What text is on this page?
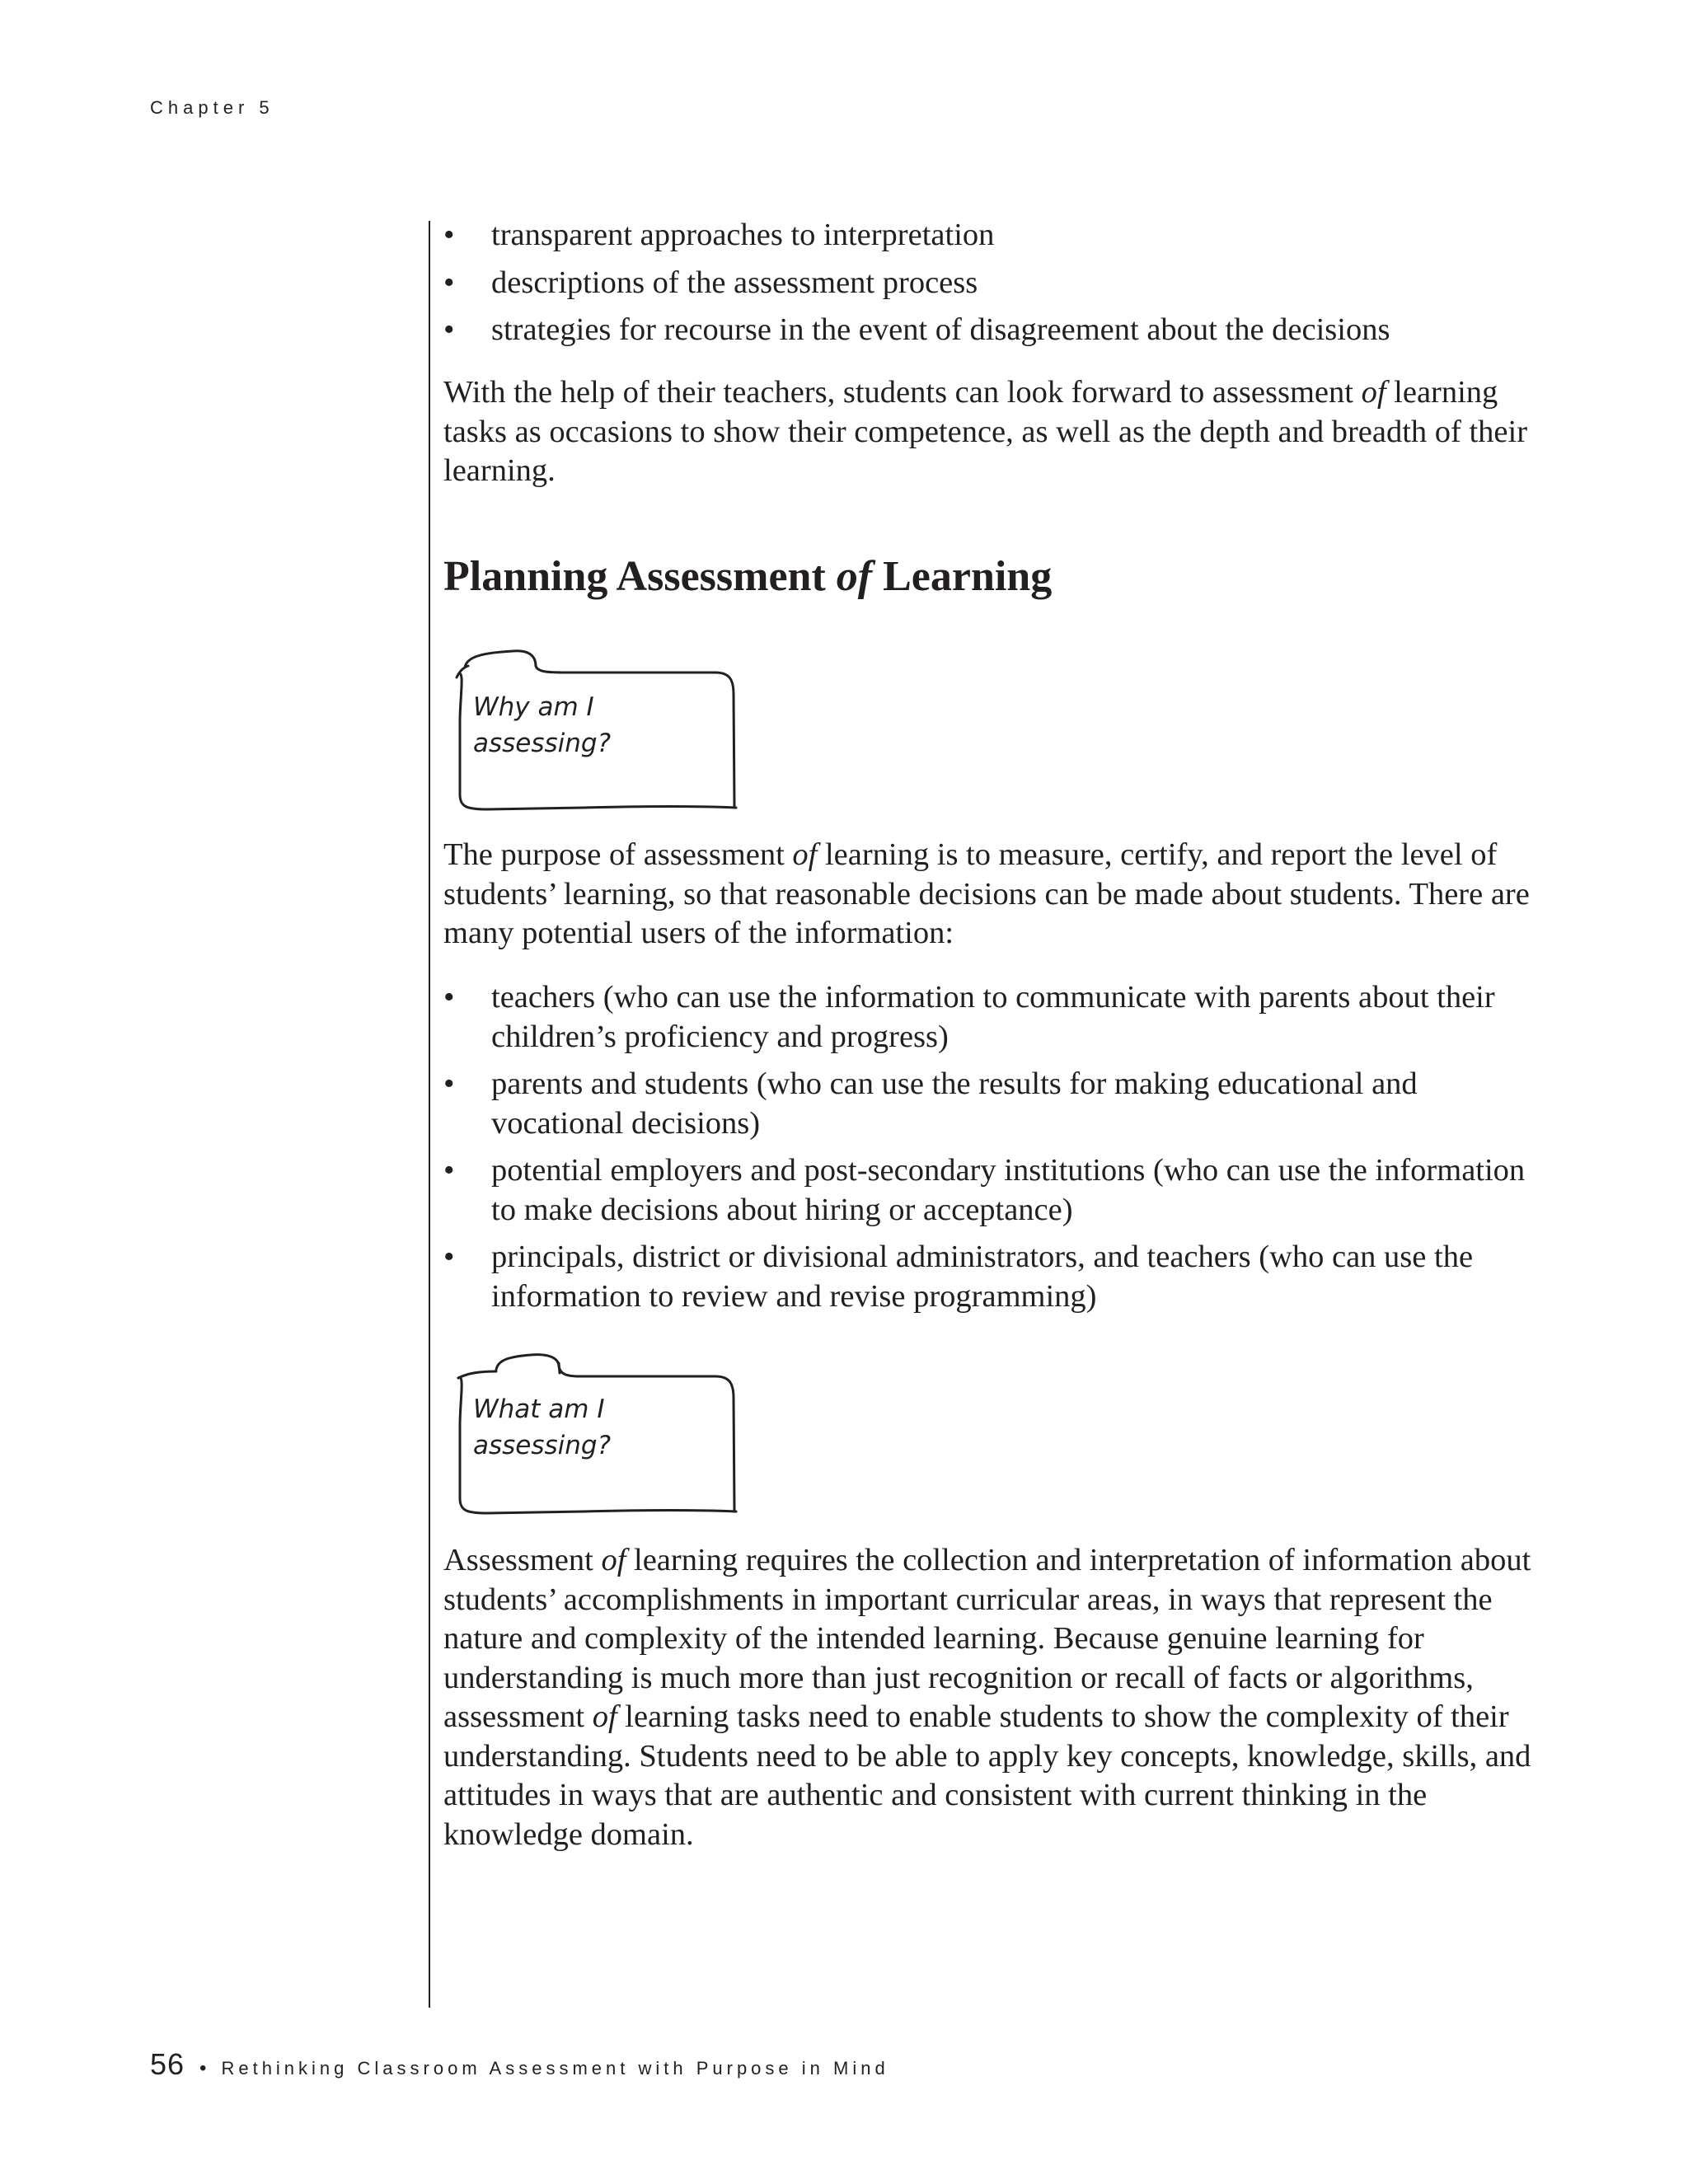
Chapter 5
• transparent approaches to interpretation
• descriptions of the assessment process
• strategies for recourse in the event of disagreement about the decisions

With the help of their teachers, students can look forward to assessment of learning tasks as occasions to show their competence, as well as the depth and breadth of their learning.

Planning Assessment of Learning
Why am I
assessing?

The purpose of assessment of learning is to measure, certify, and report the level of students’ learning, so that reasonable decisions can be made about students. There are many potential users of the information:

• teachers (who can use the information to communicate with parents about their children’s proficiency and progress)
• parents and students (who can use the results for making educational and vocational decisions)
• potential employers and post-secondary institutions (who can use the information to make decisions about hiring or acceptance)
• principals, district or divisional administrators, and teachers (who can use the information to review and revise programming)
What am I
assessing?

Assessment of learning requires the collection and interpretation of information about students’ accomplishments in important curricular areas, in ways that represent the nature and complexity of the intended learning. Because genuine learning for understanding is much more than just recognition or recall of facts or algorithms, assessment of learning tasks need to enable students to show the complexity of their understanding. Students need to be able to apply key concepts, knowledge, skills, and attitudes in ways that are authentic and consistent with current thinking in the knowledge domain.

56 • Rethinking Classroom Assessment with Purpose in Mind
